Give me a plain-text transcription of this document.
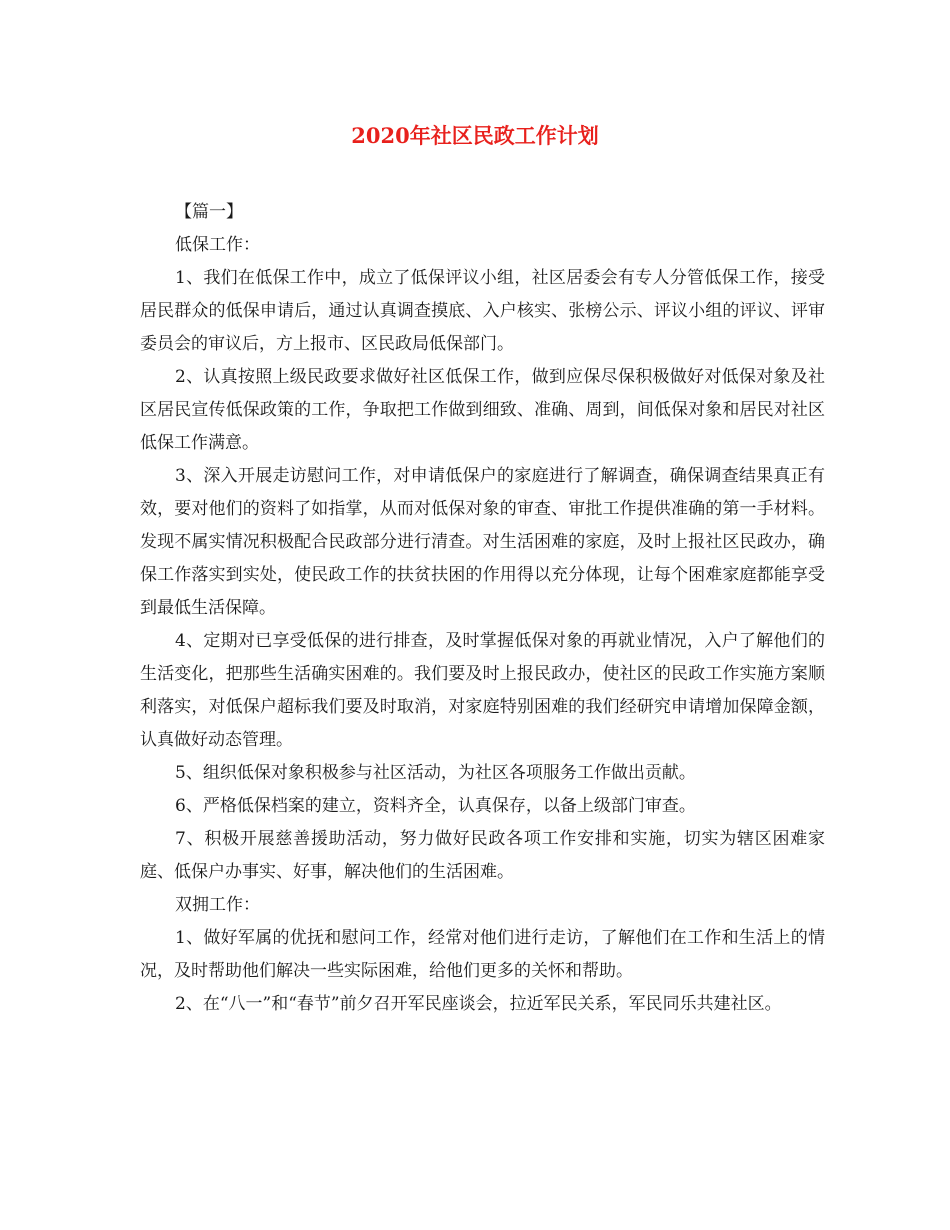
2020年社区民政工作计划

【篇一】

低保工作：

1、我们在低保工作中，成立了低保评议小组，社区居委会有专人分管低保工作，接受居民群众的低保申请后，通过认真调查摸底、入户核实、张榜公示、评议小组的评议、评审委员会的审议后，方上报市、区民政局低保部门。

2、认真按照上级民政要求做好社区低保工作，做到应保尽保积极做好对低保对象及社区居民宣传低保政策的工作，争取把工作做到细致、准确、周到，间低保对象和居民对社区低保工作满意。

3、深入开展走访慰问工作，对申请低保户的家庭进行了解调查，确保调查结果真正有效，要对他们的资料了如指掌，从而对低保对象的审查、审批工作提供准确的第一手材料。发现不属实情况积极配合民政部分进行清查。对生活困难的家庭，及时上报社区民政办，确保工作落实到实处，使民政工作的扶贫扶困的作用得以充分体现，让每个困难家庭都能享受到最低生活保障。

4、定期对已享受低保的进行排查，及时掌握低保对象的再就业情况，入户了解他们的生活变化，把那些生活确实困难的。我们要及时上报民政办，使社区的民政工作实施方案顺利落实，对低保户超标我们要及时取消，对家庭特别困难的我们经研究申请增加保障金额，认真做好动态管理。

5、组织低保对象积极参与社区活动，为社区各项服务工作做出贡献。

6、严格低保档案的建立，资料齐全，认真保存，以备上级部门审查。

7、积极开展慈善援助活动，努力做好民政各项工作安排和实施，切实为辖区困难家庭、低保户办事实、好事，解决他们的生活困难。

双拥工作：

1、做好军属的优抚和慰问工作，经常对他们进行走访，了解他们在工作和生活上的情况，及时帮助他们解决一些实际困难，给他们更多的关怀和帮助。

2、在“八一”和“春节”前夕召开军民座谈会，拉近军民关系，军民同乐共建社区。
